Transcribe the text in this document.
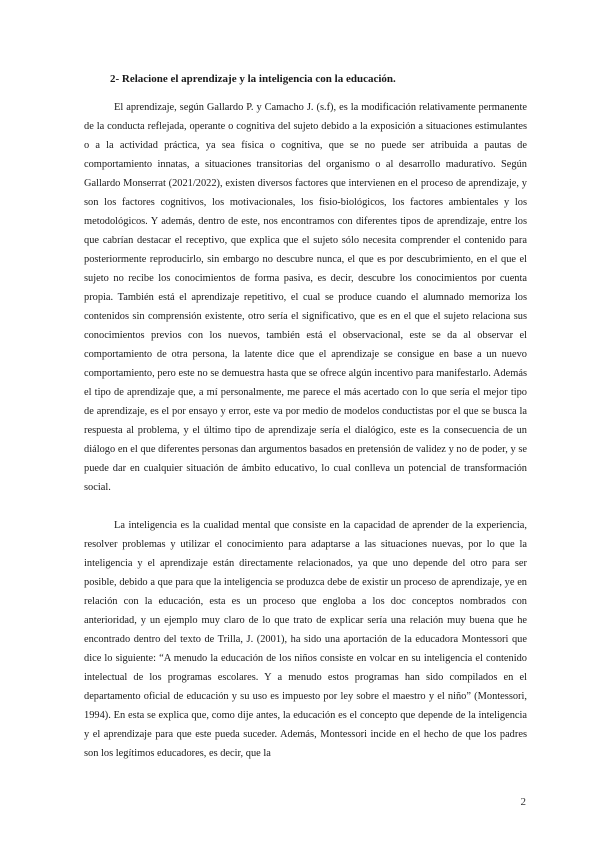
2- Relacione el aprendizaje y la inteligencia con la educación.

El aprendizaje, según Gallardo P. y Camacho J. (s.f), es la modificación relativamente permanente de la conducta reflejada, operante o cognitiva del sujeto debido a la exposición a situaciones estimulantes o a la actividad práctica, ya sea física o cognitiva, que se no puede ser atribuida a pautas de comportamiento innatas, a situaciones transitorias del organismo o al desarrollo maduratívo. Según Gallardo Monserrat (2021/2022), existen diversos factores que intervienen en el proceso de aprendizaje, y son los factores cognitivos, los motivacionales, los fisio-biológicos, los factores ambientales y los metodológicos. Y además, dentro de este, nos encontramos con diferentes tipos de aprendizaje, entre los que cabrían destacar el receptivo, que explica que el sujeto sólo necesita comprender el contenido para posteriormente reproducirlo, sin embargo no descubre nunca, el que es por descubrimiento, en el que el sujeto no recibe los conocimientos de forma pasiva, es decir, descubre los conocimientos por cuenta propia. También está el aprendizaje repetitivo, el cual se produce cuando el alumnado memoriza los contenidos sin comprensión existente, otro sería el significativo, que es en el que el sujeto relaciona sus conocimientos previos con los nuevos, también está el observacional, este se da al observar el comportamiento de otra persona, la latente dice que el aprendizaje se consigue en base a un nuevo comportamiento, pero este no se demuestra hasta que se ofrece algún incentivo para manifestarlo. Además el tipo de aprendizaje que, a mí personalmente, me parece el más acertado con lo que sería el mejor tipo de aprendizaje, es el por ensayo y error, este va por medio de modelos conductistas por el que se busca la respuesta al problema, y el último tipo de aprendizaje sería el dialógico, este es la consecuencia de un diálogo en el que diferentes personas dan argumentos basados en pretensión de validez y no de poder, y se puede dar en cualquier situación de ámbito educativo, lo cual conlleva un potencial de transformación social.

La inteligencia es la cualidad mental que consiste en la capacidad de aprender de la experiencia, resolver problemas y utilizar el conocimiento para adaptarse a las situaciones nuevas, por lo que la inteligencia y el aprendizaje están directamente relacionados, ya que uno depende del otro para ser posible, debido a que para que la inteligencia se produzca debe de existir un proceso de aprendizaje, ye en relación con la educación, esta es un proceso que engloba a los doc conceptos nombrados con anterioridad, y un ejemplo muy claro de lo que trato de explicar sería una relación muy buena que he encontrado dentro del texto de Trilla, J. (2001), ha sido una aportación de la educadora Montessori que dice lo siguiente: “A menudo la educación de los niños consiste en volcar en su inteligencia el contenido intelectual de los programas escolares. Y a menudo estos programas han sido compilados en el departamento oficial de educación y su uso es impuesto por ley sobre el maestro y el niño” (Montessori, 1994). En esta se explica que, como dije antes, la educación es el concepto que depende de la inteligencia y el aprendizaje para que este pueda suceder. Además, Montessori incide en el hecho de que los padres son los legítimos educadores, es decir, que la

2
